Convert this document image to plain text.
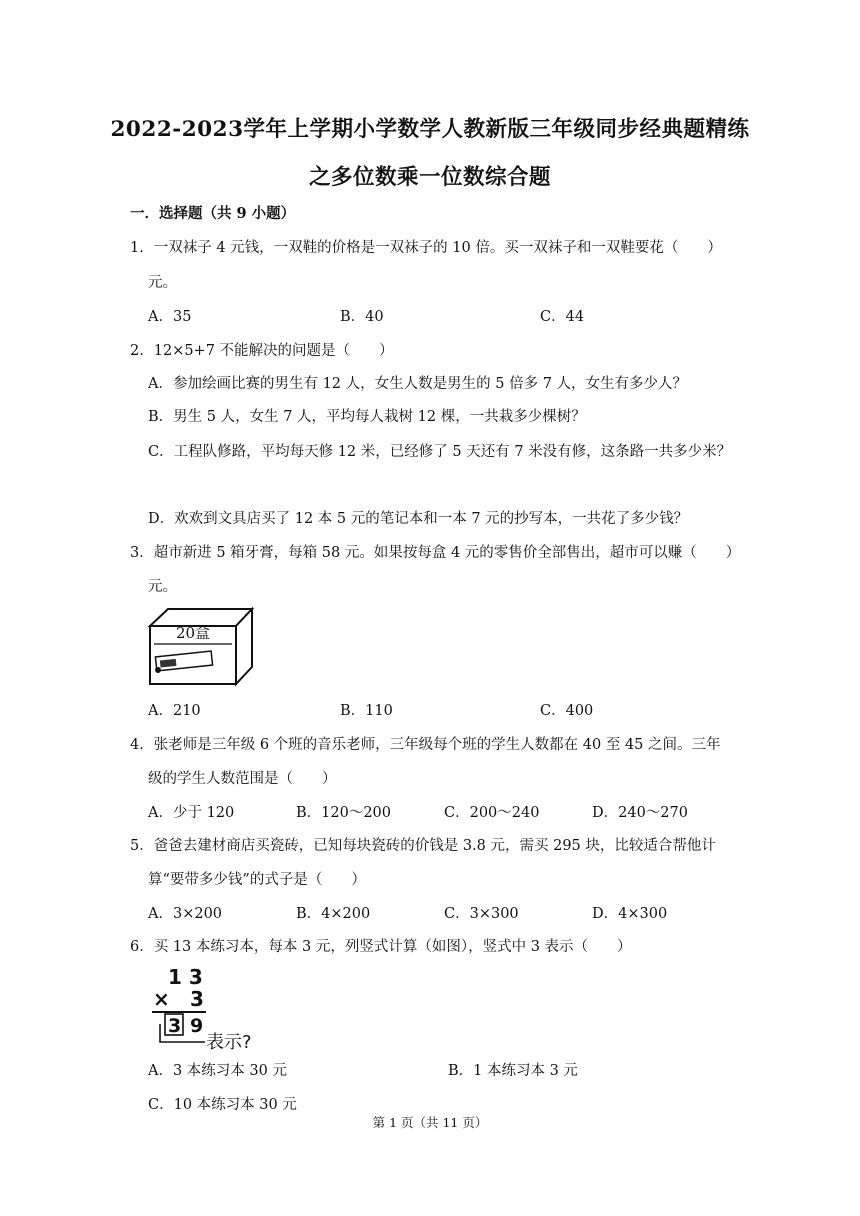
2022-2023学年上学期小学数学人教新版三年级同步经典题精练
之多位数乘一位数综合题
一．选择题（共 9 小题）
1．一双袜子 4 元钱，一双鞋的价格是一双袜子的 10 倍。买一双袜子和一双鞋要花（　　）
元。
A．35	B．40	C．44
2．12×5+7 不能解决的问题是（　　）
A．参加绘画比赛的男生有 12 人，女生人数是男生的 5 倍多 7 人，女生有多少人？
B．男生 5 人，女生 7 人，平均每人栽树 12 棵，一共栽多少棵树？
C．工程队修路，平均每天修 12 米，已经修了 5 天还有 7 米没有修，这条路一共多少米？
D．欢欢到文具店买了 12 本 5 元的笔记本和一本 7 元的抄写本，一共花了多少钱？
3．超市新进 5 箱牙膏，每箱 58 元。如果按每盒 4 元的零售价全部售出，超市可以赚（　　）
元。
20盒
A．210	B．110	C．400
4．张老师是三年级 6 个班的音乐老师，三年级每个班的学生人数都在 40 至 45 之间。三年
级的学生人数范围是（　　）
A．少于 120	B．120～200	C．200～240	D．240～270
5．爸爸去建材商店买瓷砖，已知每块瓷砖的价钱是 3.8 元，需买 295 块，比较适合帮他计
算“要带多少钱”的式子是（　　）
A．3×200	B．4×200	C．3×300	D．4×300
6．买 13 本练习本，每本 3 元，列竖式计算（如图），竖式中 3 表示（　　）
1 3
× 3
3 9
表示?
A．3 本练习本 30 元	B．1 本练习本 3 元
C．10 本练习本 30 元
第 1 页（共 11 页）
